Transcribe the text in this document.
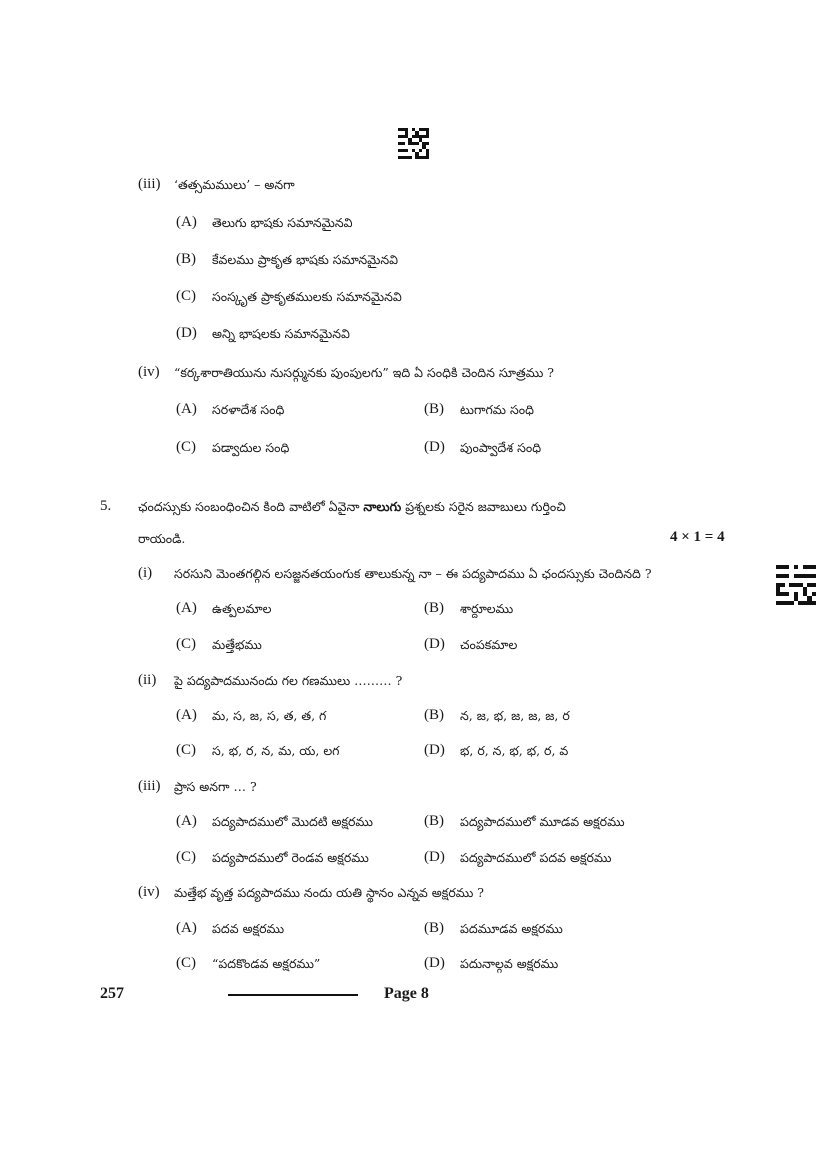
(iii) ‘తత్సమములు’ – అనగా
(A) తెలుగు భాషకు సమానమైనవి
(B) కేవలము ప్రాకృత భాషకు సమానమైనవి
(C) సంస్కృత ప్రాకృతములకు సమానమైనవి
(D) అన్ని భాషలకు సమానమైనవి
(iv) “కర్కశారాతియును నుసర్గ్మునకు పుంపులగు” ఇది ఏ సంధికి చెందిన సూత్రము ?
(A) సరళాదేశ సంధి	(B) టుగాగమ సంధి
(C) పడ్వాదుల సంధి	(D) పుంప్వాదేశ సంధి
5. ఛందస్సుకు సంబంధించిన కింది వాటిలో ఏవైనా నాలుగు ప్రశ్నలకు సరైన జవాబులు గుర్తించి
రాయండి.	4 × 1 = 4
(i) సరసుని మెంతగల్గిన లసజ్జనతయంగుక తాలుకున్న నా – ఈ పద్యపాదము ఏ ఛందస్సుకు చెందినది ?
(A) ఉత్పలమాల	(B) శార్దూలము
(C) మత్తేభము	(D) చంపకమాల
(ii) పై పద్యపాదమునందు గల గణములు ……… ?
(A) మ, స, జ, స, త, త, గ	(B) న, జ, భ, జ, జ, జ, ర
(C) స, భ, ర, న, మ, య, లగ	(D) భ, ర, న, భ, భ, ర, వ
(iii) ప్రాస అనగా … ?
(A) పద్యపాదములో మొదటి అక్షరము	(B) పద్యపాదములో మూడవ అక్షరము
(C) పద్యపాదములో రెండవ అక్షరము	(D) పద్యపాదములో పదవ అక్షరము
(iv) మత్తేభ వృత్త పద్యపాదము నందు యతి స్థానం ఎన్నవ అక్షరము ?
(A) పదవ అక్షరము	(B) పదమూడవ అక్షరము
(C) “పదకొండవ అక్షరము”	(D) పదునాల్గవ అక్షరము
257	Page 8
